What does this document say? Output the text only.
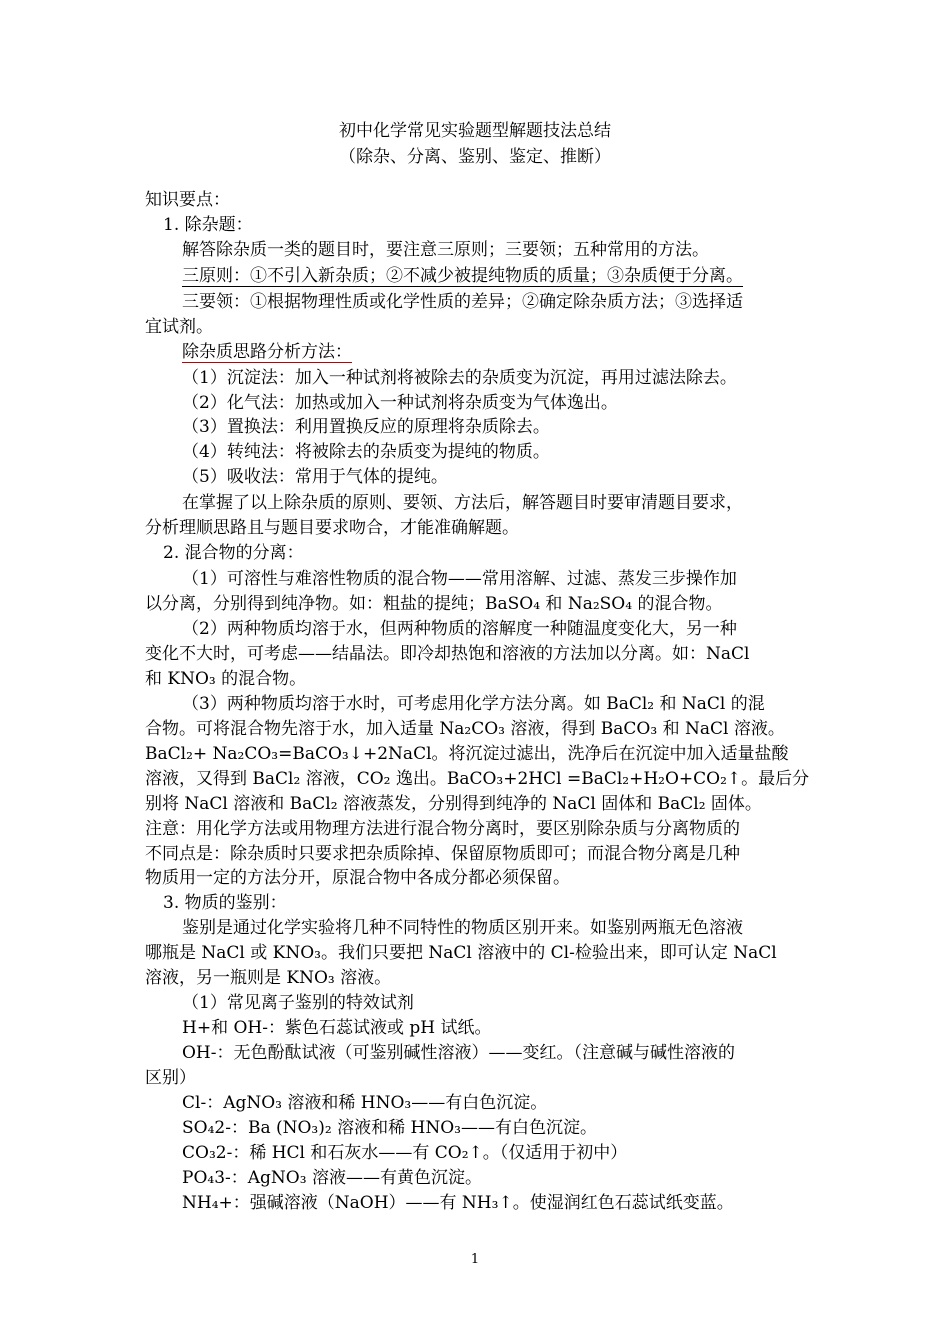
初中化学常见实验题型解题技法总结
（除杂、分离、鉴别、鉴定、推断）
知识要点：
1. 除杂题：
解答除杂质一类的题目时，要注意三原则；三要领；五种常用的方法。
三原则：①不引入新杂质；②不减少被提纯物质的质量；③杂质便于分离。
三要领：①根据物理性质或化学性质的差异；②确定除杂质方法；③选择适
宜试剂。
除杂质思路分析方法：
（1）沉淀法：加入一种试剂将被除去的杂质变为沉淀，再用过滤法除去。
（2）化气法：加热或加入一种试剂将杂质变为气体逸出。
（3）置换法：利用置换反应的原理将杂质除去。
（4）转纯法：将被除去的杂质变为提纯的物质。
（5）吸收法：常用于气体的提纯。
在掌握了以上除杂质的原则、要领、方法后，解答题目时要审清题目要求，
分析理顺思路且与题目要求吻合，才能准确解题。
2. 混合物的分离：
（1）可溶性与难溶性物质的混合物——常用溶解、过滤、蒸发三步操作加
以分离，分别得到纯净物。如：粗盐的提纯；BaSO₄ 和 Na₂SO₄ 的混合物。
（2）两种物质均溶于水，但两种物质的溶解度一种随温度变化大，另一种
变化不大时，可考虑——结晶法。即冷却热饱和溶液的方法加以分离。如：NaCl
和 KNO₃ 的混合物。
（3）两种物质均溶于水时，可考虑用化学方法分离。如 BaCl₂ 和 NaCl 的混
合物。可将混合物先溶于水，加入适量 Na₂CO₃ 溶液，得到 BaCO₃ 和 NaCl 溶液。
BaCl₂+ Na₂CO₃=BaCO₃↓+2NaCl。将沉淀过滤出，洗净后在沉淀中加入适量盐酸
溶液，又得到 BaCl₂ 溶液，CO₂ 逸出。BaCO₃+2HCl =BaCl₂+H₂O+CO₂↑。最后分
别将 NaCl 溶液和 BaCl₂ 溶液蒸发，分别得到纯净的 NaCl 固体和 BaCl₂ 固体。
注意：用化学方法或用物理方法进行混合物分离时，要区别除杂质与分离物质的
不同点是：除杂质时只要求把杂质除掉、保留原物质即可；而混合物分离是几种
物质用一定的方法分开，原混合物中各成分都必须保留。
3. 物质的鉴别：
鉴别是通过化学实验将几种不同特性的物质区别开来。如鉴别两瓶无色溶液
哪瓶是 NaCl 或 KNO₃。我们只要把 NaCl 溶液中的 Cl-检验出来，即可认定 NaCl
溶液，另一瓶则是 KNO₃ 溶液。
（1）常见离子鉴别的特效试剂
H+和 OH-：紫色石蕊试液或 pH 试纸。
OH-：无色酚酞试液（可鉴别碱性溶液）——变红。（注意碱与碱性溶液的
区别）
Cl-：AgNO₃ 溶液和稀 HNO₃——有白色沉淀。
SO₄2-：Ba (NO₃)₂ 溶液和稀 HNO₃——有白色沉淀。
CO₃2-：稀 HCl 和石灰水——有 CO₂↑。（仅适用于初中）
PO₄3-：AgNO₃ 溶液——有黄色沉淀。
NH₄+：强碱溶液（NaOH）——有 NH₃↑。使湿润红色石蕊试纸变蓝。
1
